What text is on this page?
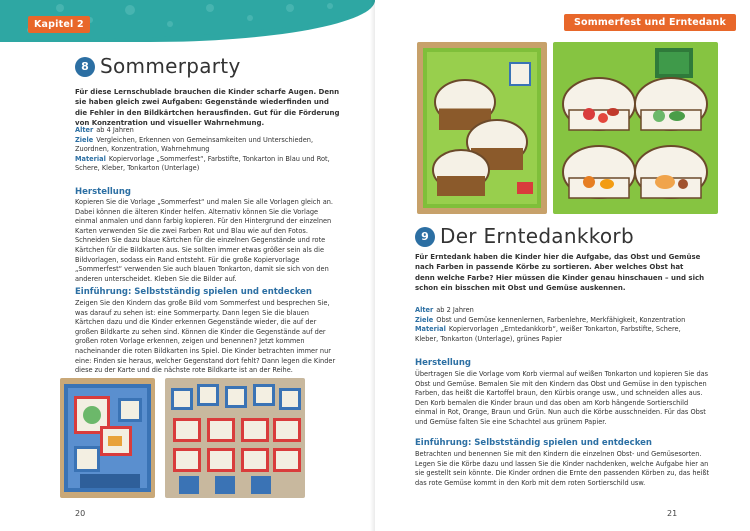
Kapitel 2
8 Sommerparty
Für diese Lernschublade brauchen die Kinder scharfe Augen. Denn sie haben gleich zwei Aufgaben: Gegenstände wiederfinden und die Fehler in den Bildkärtchen herausfinden. Gut für die Förderung von Konzentration und visueller Wahrnehmung.
Alter ab 4 Jahren
Ziele Vergleichen, Erkennen von Gemeinsamkeiten und Unterschieden, Zuordnen, Konzentration, Wahrnehmung
Material Kopiervorlage „Sommerfest“, Farbstifte, Tonkarton in Blau und Rot, Schere, Kleber, Tonkarton (Unterlage)
Herstellung
Kopieren Sie die Vorlage „Sommerfest“ und malen Sie alle Vorlagen gleich an. Dabei können die älteren Kinder helfen. Alternativ können Sie die Vorlage einmal anmalen und dann farbig kopieren. Für den Hintergrund der einzelnen Karten verwenden Sie die zwei Farben Rot und Blau wie auf den Fotos. Schneiden Sie dazu blaue Kärtchen für die einzelnen Gegenstände und rote Kärtchen für die Bildkarten aus. Sie sollten immer etwas größer sein als die Bildvorlagen, sodass ein Rand entsteht. Für die große Kopiervorlage „Sommerfest“ verwenden Sie auch blauen Tonkarton, damit sie sich von den anderen unterscheidet. Kleben Sie die Bilder auf.
Einführung: Selbstständig spielen und entdecken
Zeigen Sie den Kindern das große Bild vom Sommerfest und besprechen Sie, was darauf zu sehen ist: eine Sommerparty. Dann legen Sie die blauen Kärtchen dazu und die Kinder erkennen Gegenstände wieder, die auf der großen Bildkarte zu sehen sind. Können die Kinder die Gegenstände auf der großen roten Vorlage erkennen, zeigen und benennen? Jetzt kommen nacheinander die roten Bildkarten ins Spiel. Die Kinder betrachten immer nur eine: Finden sie heraus, welcher Gegenstand dort fehlt? Dann legen die Kinder diese zu der Karte und die nächste rote Bildkarte ist an der Reihe.
20
Sommerfest und Erntedank
9 Der Erntedankkorb
Für Erntedank haben die Kinder hier die Aufgabe, das Obst und Gemüse nach Farben in passende Körbe zu sortieren. Aber welches Obst hat denn welche Farbe? Hier müssen die Kinder genau hinschauen – und sich schon ein bisschen mit Obst und Gemüse auskennen.
Alter ab 2 Jahren
Ziele Obst und Gemüse kennenlernen, Farbenlehre, Merkfähigkeit, Konzentration
Material Kopiervorlagen „Erntedankkorb“, weißer Tonkarton, Farbstifte, Schere, Kleber, Tonkarton (Unterlage), grünes Papier
Herstellung
Übertragen Sie die Vorlage vom Korb viermal auf weißen Tonkarton und kopieren Sie das Obst und Gemüse. Bemalen Sie mit den Kindern das Obst und Gemüse in den typischen Farben, das heißt die Kartoffel braun, den Kürbis orange usw., und schneiden alles aus. Den Korb bemalen die Kinder braun und das oben am Korb hängende Sortierschild einmal in Rot, Orange, Braun und Grün. Nun auch die Körbe ausschneiden. Für das Obst und Gemüse falten Sie eine Schachtel aus grünem Papier.
Einführung: Selbstständig spielen und entdecken
Betrachten und benennen Sie mit den Kindern die einzelnen Obst- und Gemüsesorten. Legen Sie die Körbe dazu und lassen Sie die Kinder nachdenken, welche Aufgabe hier an sie gestellt sein könnte. Die Kinder ordnen die Ernte den passenden Körben zu, das heißt das rote Gemüse kommt in den Korb mit dem roten Sortierschild usw.
21
